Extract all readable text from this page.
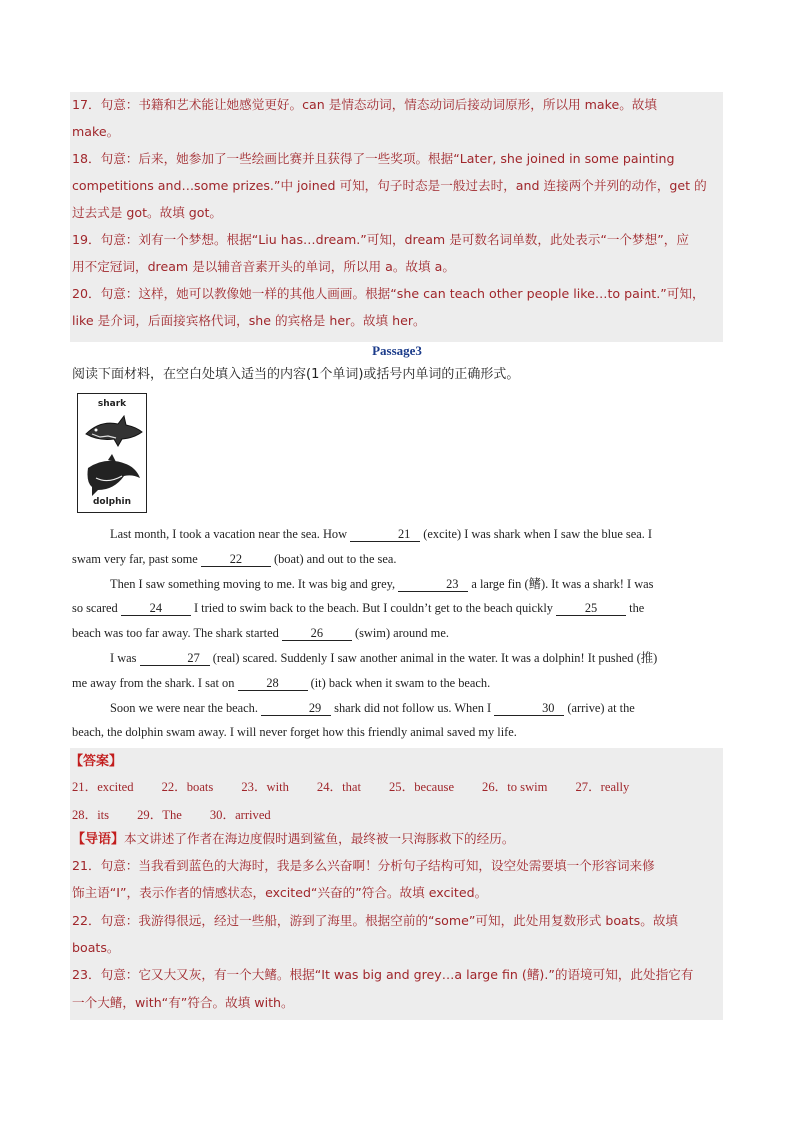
17．句意：书籍和艺术能让她感觉更好。can 是情态动词，情态动词后接动词原形，所以用 make。故填
make。
18．句意：后来，她参加了一些绘画比赛并且获得了一些奖项。根据“Later, she joined in some painting
competitions and…some prizes.”中 joined 可知，句子时态是一般过去时，and 连接两个并列的动作，get 的
过去式是 got。故填 got。
19．句意：刘有一个梦想。根据“Liu has…dream.”可知，dream 是可数名词单数，此处表示“一个梦想”，应
用不定冠词，dream 是以辅音音素开头的单词，所以用 a。故填 a。
20．句意：这样，她可以教像她一样的其他人画画。根据“she can teach other people like…to paint.”可知，
like 是介词，后面接宾格代词，she 的宾格是 her。故填 her。
Passage3
阅读下面材料，在空白处填入适当的内容(1个单词)或括号内单词的正确形式。
shark
dolphin
Last month, I took a vacation near the sea. How	21 (excite) I was shark when I saw the blue sea. I
swam very far, past some 22 (boat) and out to the sea.
Then I saw something moving to me. It was big and grey,	23 a large fin (鳍). It was a shark! I was
so scared 24 I tried to swim back to the beach. But I couldn’t get to the beach quickly 25 the
beach was too far away. The shark started 26 (swim) around me.
I was	27 (real) scared. Suddenly I saw another animal in the water. It was a dolphin! It pushed (推)
me away from the shark. I sat on 28 (it) back when it swam to the beach.
Soon we were near the beach.	29 shark did not follow us. When I	30 (arrive) at the
beach, the dolphin swam away. I will never forget how this friendly animal saved my life.
【答案】
21．excited 22．boats 23．with 24．that 25．because 26．to swim 27．really
28．its 29．The 30．arrived
【导语】本文讲述了作者在海边度假时遇到鲨鱼，最终被一只海豚救下的经历。
21．句意：当我看到蓝色的大海时，我是多么兴奋啊！分析句子结构可知，设空处需要填一个形容词来修
饰主语“I”，表示作者的情感状态，excited“兴奋的”符合。故填 excited。
22．句意：我游得很远，经过一些船，游到了海里。根据空前的“some”可知，此处用复数形式 boats。故填
boats。
23．句意：它又大又灰，有一个大鳍。根据“It was big and grey…a large fin (鳍).”的语境可知，此处指它有
一个大鳍，with“有”符合。故填 with。
